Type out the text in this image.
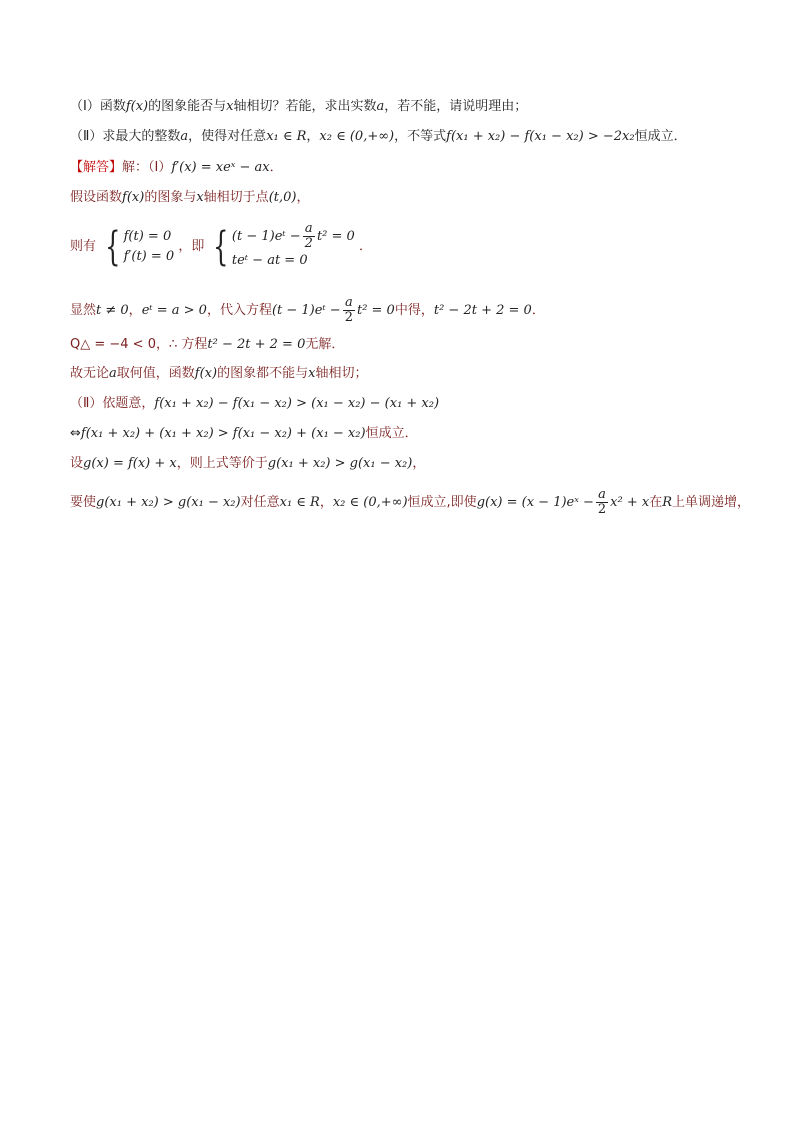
（Ⅰ）函数f(x)的图象能否与x轴相切？若能，求出实数a，若不能，请说明理由；
（Ⅱ）求最大的整数a，使得对任意x₁ ∈ R，x₂ ∈ (0,+∞)，不等式f(x₁ + x₂) − f(x₁ − x₂) > −2x₂恒成立．
【解答】解：（Ⅰ）f′(x) = xeˣ − ax．
假设函数f(x)的图象与x轴相切于点(t,0)，
则有 { f(t) = 0
f′(t) = 0
，即 { (t − 1)eᵗ − $\frac{a}{2} t^2 = 0$
teᵗ − at = 0
．
显然t ≠ 0，eᵗ = a > 0，代入方程(t − 1)eᵗ − $\frac{a}{2} t^2 = 0$中得，t² − 2t + 2 = 0．
Q△ = −4 < 0，∴ 方程t² − 2t + 2 = 0无解．
故无论a取何值，函数f(x)的图象都不能与x轴相切；
（Ⅱ）依题意，f(x₁ + x₂) − f(x₁ − x₂) > (x₁ − x₂) − (x₁ + x₂)
⇔f(x₁ + x₂) + (x₁ + x₂) > f(x₁ − x₂) + (x₁ − x₂)恒成立．
设g(x) = f(x) + x，则上式等价于g(x₁ + x₂) > g(x₁ − x₂)，
要使g(x₁ + x₂) > g(x₁ − x₂)对任意x₁ ∈ R，x₂ ∈ (0,+∞)恒成立,即使g(x) = (x − 1)eˣ − $\frac{a}{2} x^2 + x$在R上单调递增，
